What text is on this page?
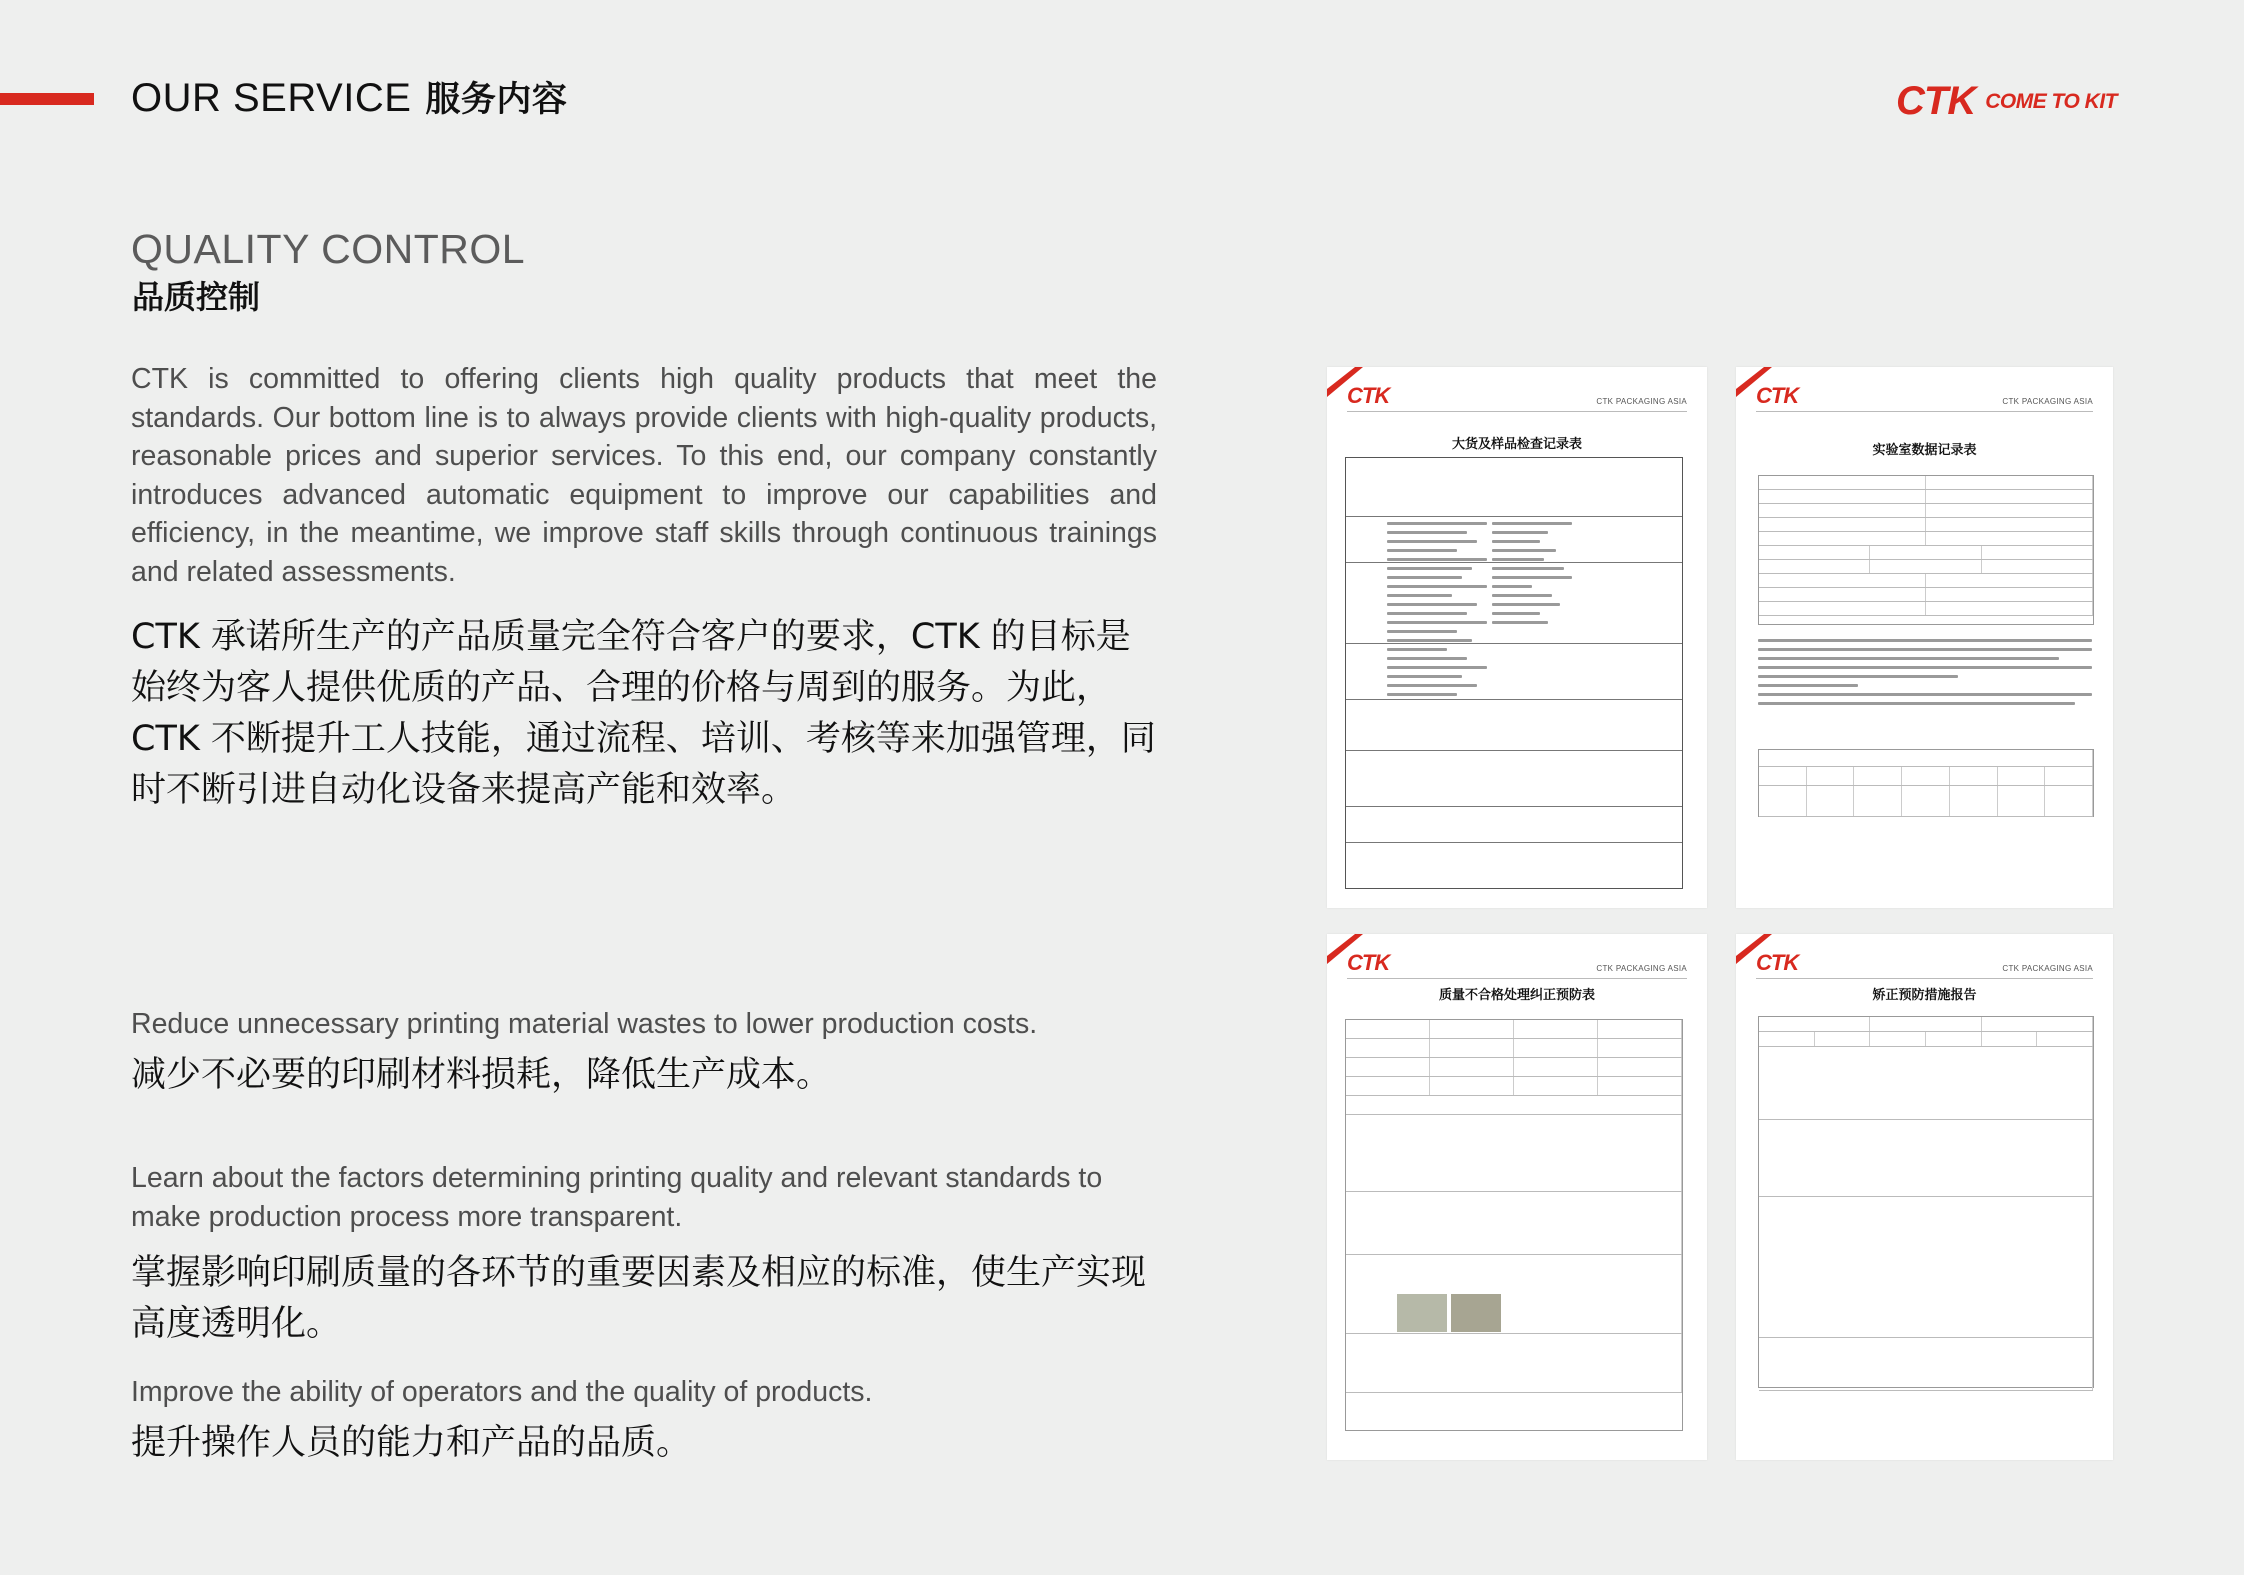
OUR SERVICE 服务内容	CTK COME TO KIT
QUALITY CONTROL
品质控制
CTK is committed to offering clients high quality products that meet the standards. Our bottom line is to always provide clients with high-quality products, reasonable prices and superior services. To this end, our company constantly introduces advanced automatic equipment to improve our capabilities and efficiency, in the meantime, we improve staff skills through continuous trainings and related assessments.
CTK 承诺所生产的产品质量完全符合客户的要求，CTK 的目标是始终为客人提供优质的产品、合理的价格与周到的服务。为此，CTK 不断提升工人技能，通过流程、培训、考核等来加强管理，同时不断引进自动化设备来提高产能和效率。
Reduce unnecessary printing material wastes to lower production costs.
减少不必要的印刷材料损耗，降低生产成本。
Learn about the factors determining printing quality and relevant standards to make production process more transparent.
掌握影响印刷质量的各环节的重要因素及相应的标准，使生产实现高度透明化。
Improve the ability of operators and the quality of products.
提升操作人员的能力和产品的品质。
CTK	CTK PACKAGING ASIA
大货及样品检查记录表
CTK	CTK PACKAGING ASIA
实验室数据记录表
CTK	CTK PACKAGING ASIA
质量不合格处理纠正预防表
CTK	CTK PACKAGING ASIA
矫正预防措施报告
